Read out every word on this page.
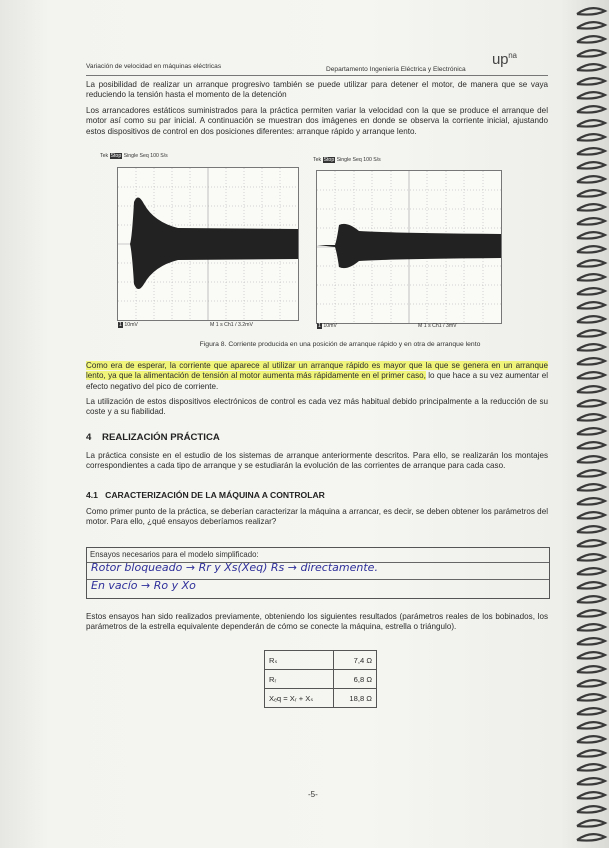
Variación de velocidad en máquinas eléctricas	Departamento Ingeniería Eléctrica y Electrónica
$up^{na}$
La posibilidad de realizar un arranque progresivo también se puede utilizar para detener el motor, de manera que se vaya reduciendo la tensión hasta el momento de la detención
Los arrancadores estáticos suministrados para la práctica permiten variar la velocidad con la que se produce el arranque del motor así como su par inicial. A continuación se muestran dos imágenes en donde se observa la corriente inicial, ajustando estos dispositivos de control en dos posiciones diferentes: arranque rápido y arranque lento.
Tek Stop Single Seq 100 S/s
1 10mV	M 1 s Ch1 / 3.2mV
Tek Stop Single Seq 100 S/s
1 10mV	M 1 s Ch1 / 3mV
Figura 8. Corriente producida en una posición de arranque rápido y en otra de arranque lento
Como era de esperar, la corriente que aparece al utilizar un arranque rápido es mayor que la que se genera en un arranque lento, ya que la alimentación de tensión al motor aumenta más rápidamente en el primer caso, lo que hace a su vez aumentar el efecto negativo del pico de corriente.
La utilización de estos dispositivos electrónicos de control es cada vez más habitual debido principalmente a la reducción de su coste y a su fiabilidad.
4 REALIZACIÓN PRÁCTICA
La práctica consiste en el estudio de los sistemas de arranque anteriormente descritos. Para ello, se realizarán los montajes correspondientes a cada tipo de arranque y se estudiarán la evolución de las corrientes de arranque para cada caso.
4.1 CARACTERIZACIÓN DE LA MÁQUINA A CONTROLAR
Como primer punto de la práctica, se deberían caracterizar la máquina a arrancar, es decir, se deben obtener los parámetros del motor. Para ello, ¿qué ensayos deberíamos realizar?
Ensayos necesarios para el modelo simplificado:
Rotor bloqueado → Rr y Xs(Xeq) Rs → directamente.
En vacío → Ro y Xo
Estos ensayos han sido realizados previamente, obteniendo los siguientes resultados (parámetros reales de los bobinados, los parámetros de la estrella equivalente dependerán de cómo se conecte la máquina, estrella o triángulo).
Rₛ	7,4 Ω
Rᵣ	6,8 Ω
Xₑq = Xᵣ + Xₛ	18,8 Ω
-5-
